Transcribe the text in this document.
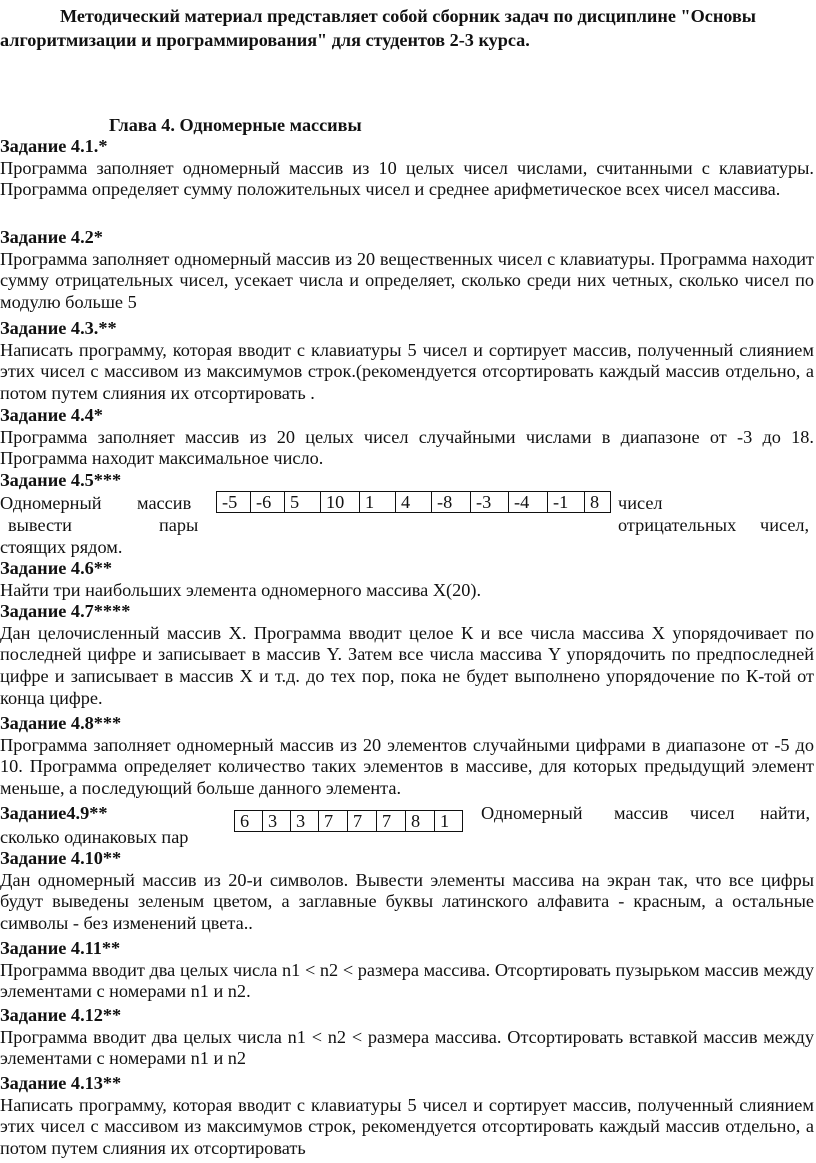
Методический материал представляет собой сборник задач по дисциплине "Основы алгоритмизации и программирования" для студентов 2-3 курса.
Глава 4. Одномерные массивы
Задание 4.1.*

Программа заполняет одномерный массив из 10 целых чисел числами, считанными с клавиатуры. Программа определяет сумму положительных чисел и среднее арифметическое всех чисел массива.

Задание 4.2*

Программа заполняет одномерный массив из 20 вещественных чисел с клавиатуры. Программа находит сумму отрицательных чисел, усекает числа и определяет, сколько среди них четных, сколько чисел по модулю больше 5

Задание 4.3.**

Написать программу, которая вводит с клавиатуры 5 чисел и сортирует массив, полученный слиянием этих чисел с массивом из максимумов строк.(рекомендуется отсортировать каждый массив отдельно, а потом путем слияния их отсортировать .

Задание 4.4*

Программа заполняет массив из 20 целых чисел случайными числами в диапазоне от -3 до 18. Программа находит максимальное число.

Задание 4.5***
Одномерный массив	чисел
-5	-6	5	10	1	4	-8	-3	-4	-1	8
вывести	пары	отрицательных чисел,
стоящих рядом.
Задание 4.6**

Найти три наибольших элемента одномерного массива X(20).

Задание 4.7****

Дан целочисленный массив X. Программа вводит целое К и все числа массива X упорядочивает по последней цифре и записывает в массив Y. Затем все числа массива Y упорядочить по предпоследней цифре и записывает в массив X и т.д. до тех пор, пока не будет выполнено упорядочение по К-той от конца цифре.

Задание 4.8***

Программа заполняет одномерный массив из 20 элементов случайными цифрами в диапазоне от -5 до 10. Программа определяет количество таких элементов в массиве, для которых предыдущий элемент меньше, а последующий больше данного элемента.

Задание4.9**	Одномерный массив чисел найти,
6	3	3	7	7	7	8	1
сколько одинаковых пар
Задание 4.10**

Дан одномерный массив из 20-и символов. Вывести элементы массива на экран так, что все цифры будут выведены зеленым цветом, а заглавные буквы латинского алфавита - красным, а остальные символы - без изменений цвета..

Задание 4.11**

Программа вводит два целых числа n1 < n2 < размера массива. Отсортировать пузырьком массив между элементами с номерами n1 и n2.

Задание 4.12**

Программа вводит два целых числа n1 < n2 < размера массива. Отсортировать вставкой массив между элементами с номерами n1 и n2

Задание 4.13**

Написать программу, которая вводит с клавиатуры 5 чисел и сортирует массив, полученный слиянием этих чисел с массивом из максимумов строк, рекомендуется отсортировать каждый массив отдельно, а потом путем слияния их отсортировать
